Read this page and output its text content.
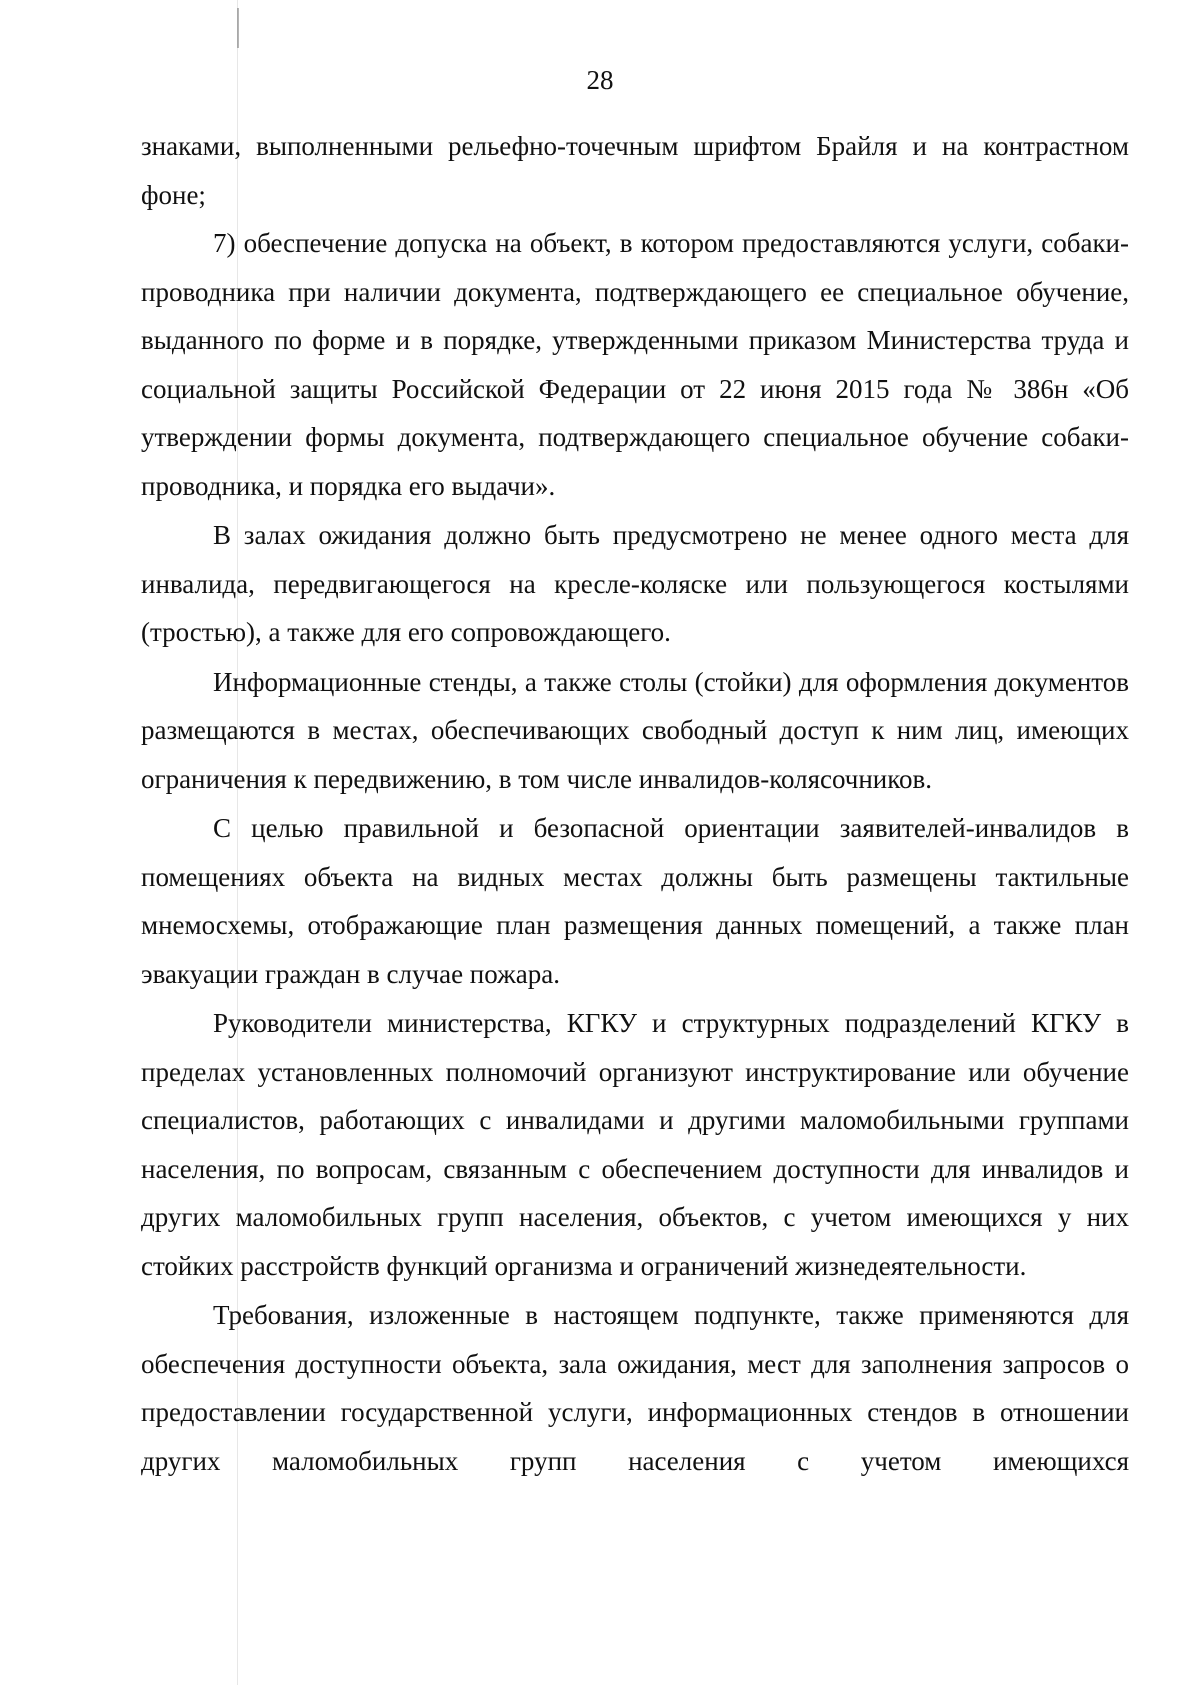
28

знаками, выполненными рельефно-точечным шрифтом Брайля и на контрастном фоне;

7) обеспечение допуска на объект, в котором предоставляются услуги, собаки-проводника при наличии документа, подтверждающего ее специальное обучение, выданного по форме и в порядке, утвержденными приказом Министерства труда и социальной защиты Российской Федерации от 22 июня 2015 года № 386н «Об утверждении формы документа, подтверждающего специальное обучение собаки-проводника, и порядка его выдачи».

В залах ожидания должно быть предусмотрено не менее одного места для инвалида, передвигающегося на кресле-коляске или пользующегося костылями (тростью), а также для его сопровождающего.

Информационные стенды, а также столы (стойки) для оформления документов размещаются в местах, обеспечивающих свободный доступ к ним лиц, имеющих ограничения к передвижению, в том числе инвалидов-колясочников.

С целью правильной и безопасной ориентации заявителей-инвалидов в помещениях объекта на видных местах должны быть размещены тактильные мнемосхемы, отображающие план размещения данных помещений, а также план эвакуации граждан в случае пожара.

Руководители министерства, КГКУ и структурных подразделений КГКУ в пределах установленных полномочий организуют инструктирование или обучение специалистов, работающих с инвалидами и другими маломобильными группами населения, по вопросам, связанным с обеспечением доступности для инвалидов и других маломобильных групп населения, объектов, с учетом имеющихся у них стойких расстройств функций организма и ограничений жизнедеятельности.

Требования, изложенные в настоящем подпункте, также применяются для обеспечения доступности объекта, зала ожидания, мест для заполнения запросов о предоставлении государственной услуги, информационных стендов в отношении других маломобильных групп населения с учетом имеющихся
